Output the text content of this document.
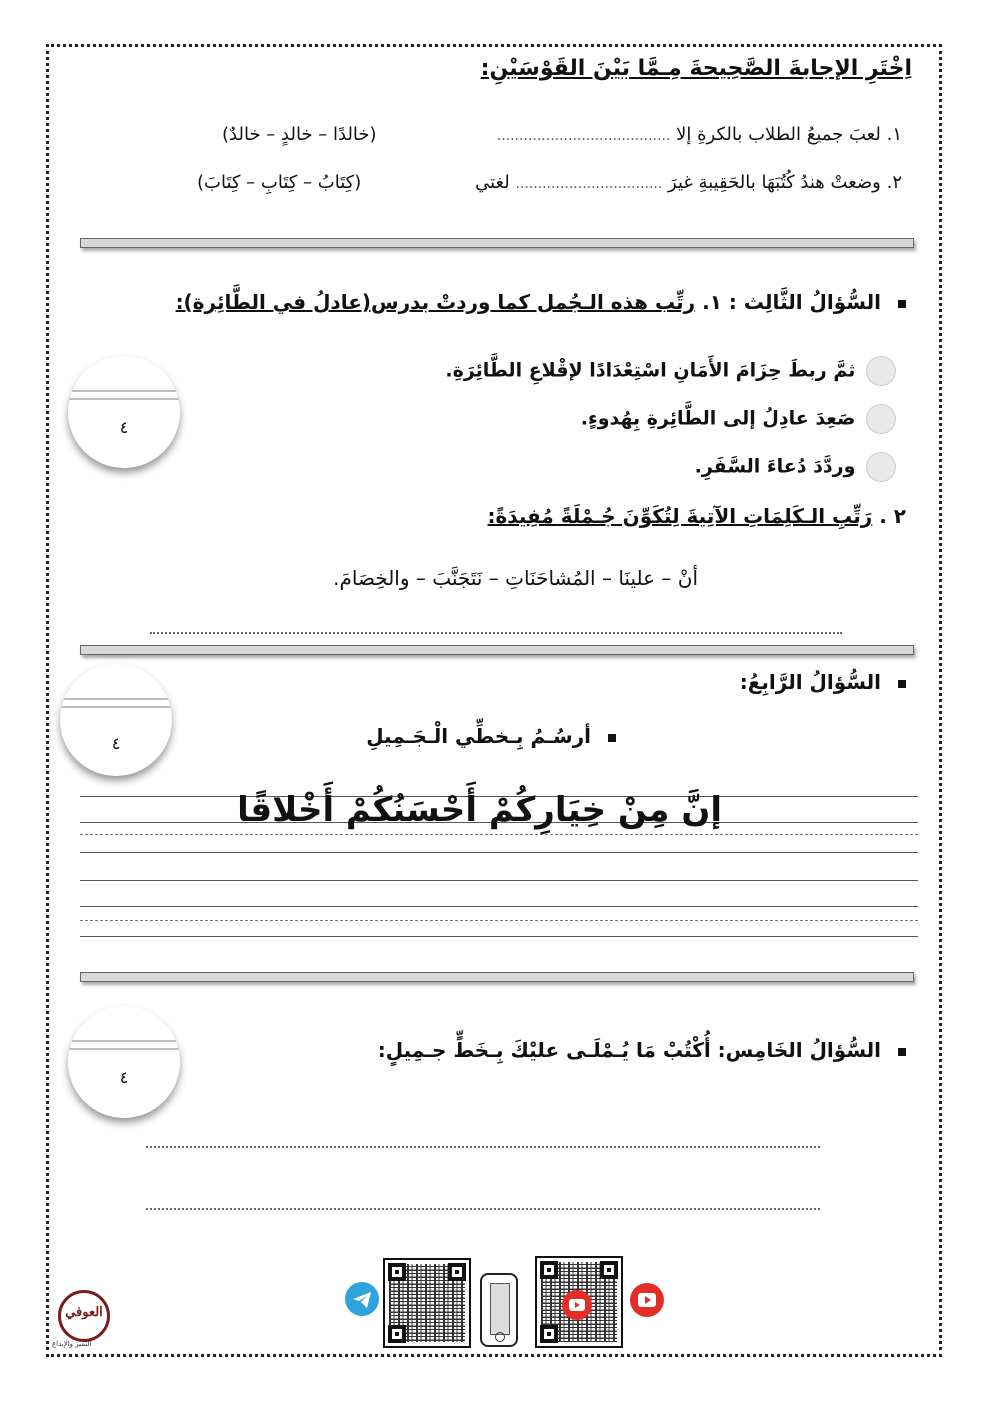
اِخْتَرِ الإجابةَ الصَّحِيحةَ مِـمَّا بَيْنَ القَوْسَيْنِ:
١. لعبَ جميعُ الطلاب بالكرةِ إلا .......................................
(خالدًا – خالدٍ – خالدٌ)
٢. وضعتْ هندُ كُتُبَهَا بالحَقِيبةِ غيرَ ................................. لغتي
(كِتَابُ – كِتَابِ – كِتَابَ)
السُّؤالُ الثَّالِث : ١. رتِّب هذه الـجُمل كما وردتْ بدرس(عادلُ في الطَّائِرة):
ثمَّ ربطَ حِزَامَ الأَمَانِ اسْتِعْدَادًا لإقْلاعِ الطَّائِرَةِ.
صَعِدَ عادِلُ إلى الطَّائِرةِ بِهُدوءٍ.
وردَّدَ دُعاءَ السَّفَرِ.
٤
٢ . رَتِّبِ الـكَلِمَاتِ الآتِيةَ لِتُكَوِّنَ جُـمْلَةً مُفِيدَةً:
أنْ – علينَا – المُشاحَنَاتِ – نَتَجَنَّبَ – والخِصَامَ.
السُّؤالُ الرَّابِعُ:
٤	أرسُـمُ بِـخطِّي الْـجَـمِيلِ
إنَّ مِنْ خِيَارِكُمْ أَحْسَنُكُمْ أَخْلاقًا
السُّؤالُ الخَامِس: أُكْتُبْ مَا يُـمْلَـى عليْكَ بِـخَطٍّ جـمِيلٍ:
٤
العوفي
التميز والإبداع
